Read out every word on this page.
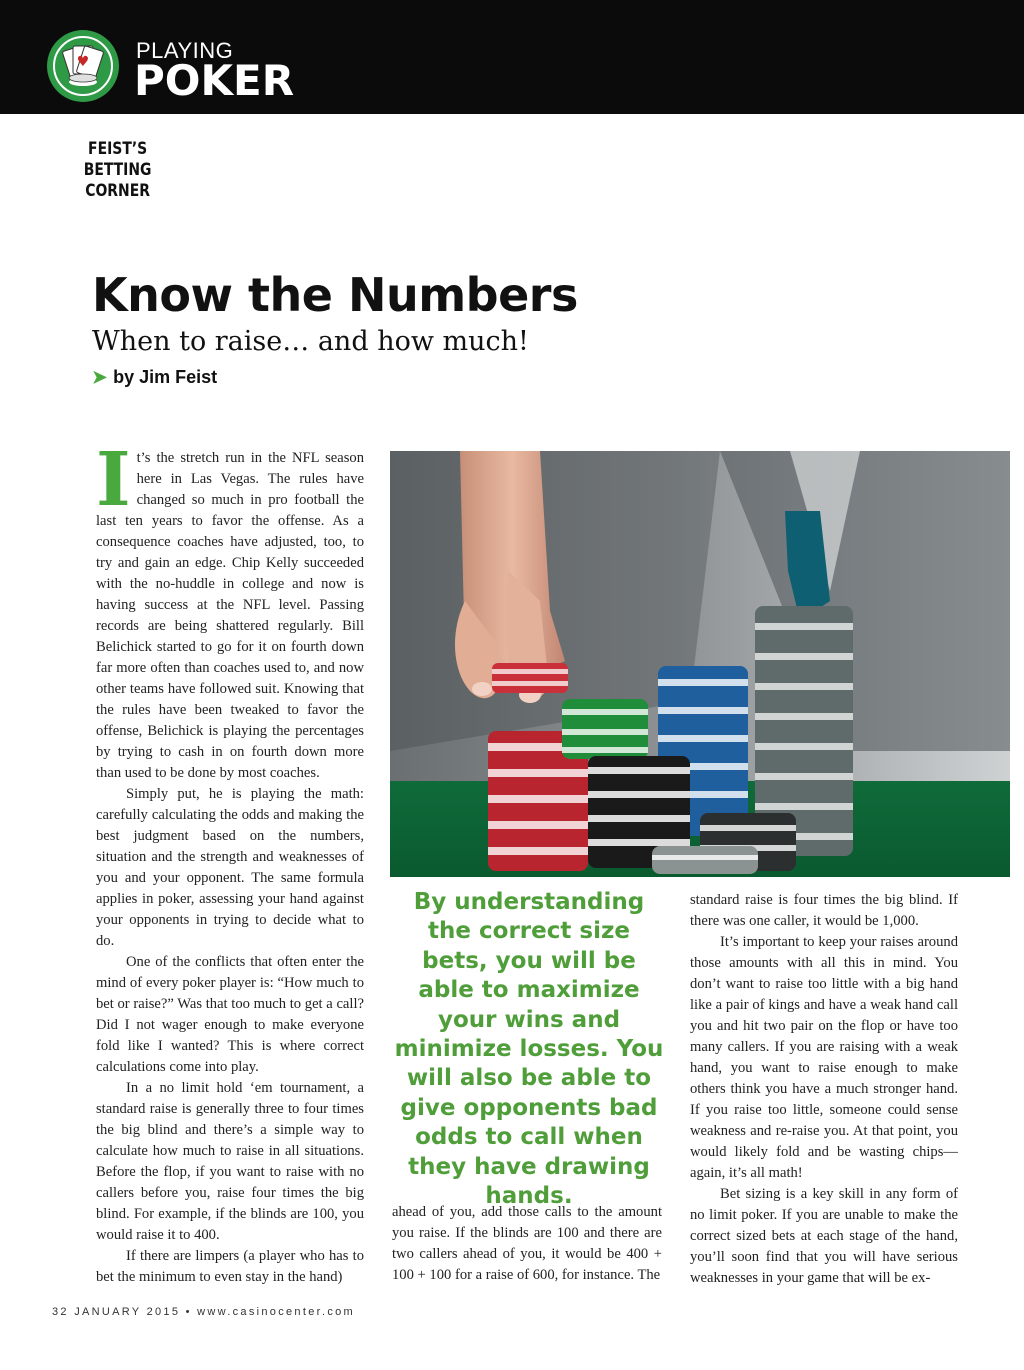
♥ PLAYING
POKER
FEIST’S
BETTING CORNER
Know the Numbers
When to raise… and how much!
➤ by Jim Feist

It’s the stretch run in the NFL season here in Las Vegas. The rules have changed so much in pro football the last ten years to favor the offense. As a consequence coaches have adjusted, too, to try and gain an edge. Chip Kelly succeeded with the no-huddle in college and now is having success at the NFL level. Passing records are being shattered regularly. Bill Belichick started to go for it on fourth down far more often than coaches used to, and now other teams have followed suit. Knowing that the rules have been tweaked to favor the offense, Belichick is playing the percentages by trying to cash in on fourth down more than used to be done by most coaches.

Simply put, he is playing the math: carefully calculating the odds and making the best judgment based on the numbers, situation and the strength and weaknesses of you and your opponent. The same formula applies in poker, assessing your hand against your opponents in trying to decide what to do.

One of the conflicts that often enter the mind of every poker player is: “How much to bet or raise?” Was that too much to get a call? Did I not wager enough to make everyone fold like I wanted? This is where correct calculations come into play.

In a no limit hold ‘em tournament, a standard raise is generally three to four times the big blind and there’s a simple way to calculate how much to raise in all situations. Before the flop, if you want to raise with no callers before you, raise four times the big blind. For example, if the blinds are 100, you would raise it to 400.

If there are limpers (a player who has to bet the minimum to even stay in the hand)

By understanding the correct size bets, you will be able to maximize your wins and minimize losses. You will also be able to give opponents bad odds to call when they have drawing hands.

ahead of you, add those calls to the amount you raise. If the blinds are 100 and there are two callers ahead of you, it would be 400 + 100 + 100 for a raise of 600, for instance. The

standard raise is four times the big blind. If there was one caller, it would be 1,000.

It’s important to keep your raises around those amounts with all this in mind. You don’t want to raise too little with a big hand like a pair of kings and have a weak hand call you and hit two pair on the flop or have too many callers. If you are raising with a weak hand, you want to raise enough to make others think you have a much stronger hand. If you raise too little, someone could sense weakness and re-raise you. At that point, you would likely fold and be wasting chips—again, it’s all math!

Bet sizing is a key skill in any form of no limit poker. If you are unable to make the correct sized bets at each stage of the hand, you’ll soon find that you will have serious weaknesses in your game that will be ex-

32 JANUARY 2015 • www.casinocenter.com
